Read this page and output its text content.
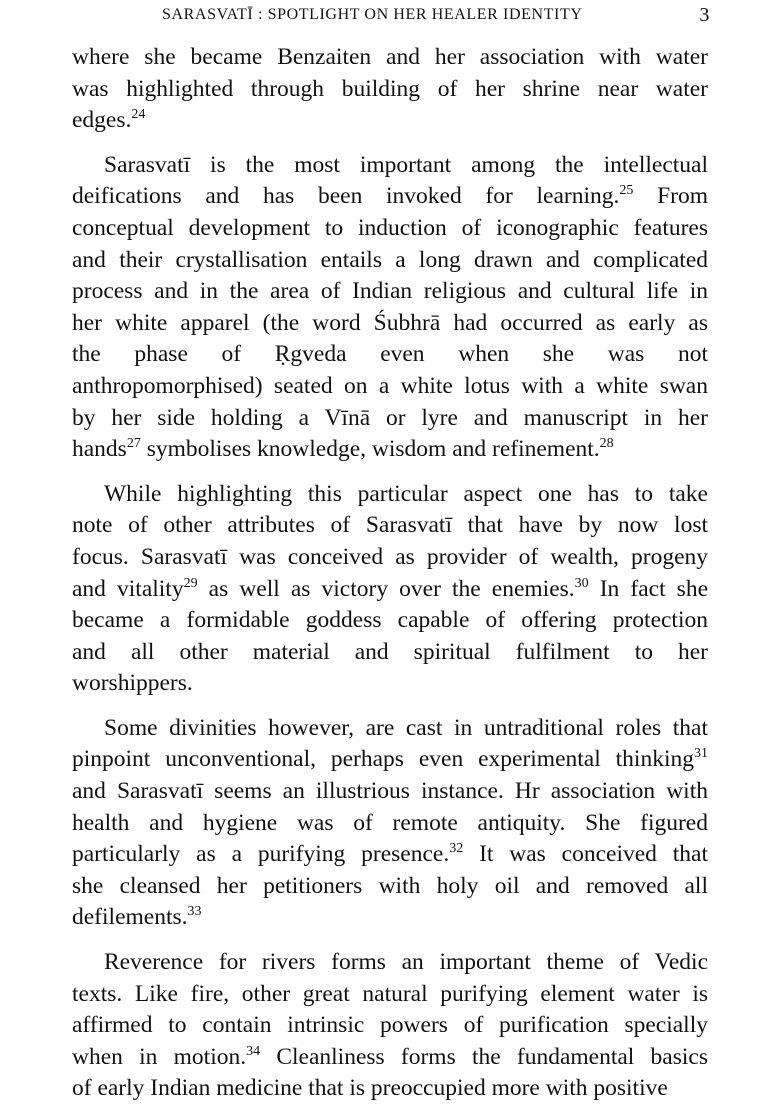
SARASVATĪ : SPOTLIGHT ON HER HEALER IDENTITY	3
where she became Benzaiten and her association with water
was highlighted through building of her shrine near water
edges.$^{24}$
Sarasvatī is the most important among the intellectual
deifications and has been invoked for learning.$^{25}$ From
conceptual development to induction of iconographic features
and their crystallisation entails a long drawn and complicated
process and in the area of Indian religious and cultural life in
her white apparel (the word Śubhrā had occurred as early as
the phase of Ṛgveda even when she was not
anthropomorphised) seated on a white lotus with a white swan
by her side holding a Vīnā or lyre and manuscript in her
hands$^{27}$ symbolises knowledge, wisdom and refinement.$^{28}$
While highlighting this particular aspect one has to take
note of other attributes of Sarasvatī that have by now lost
focus. Sarasvatī was conceived as provider of wealth, progeny
and vitality$^{29}$ as well as victory over the enemies.$^{30}$ In fact she
became a formidable goddess capable of offering protection
and all other material and spiritual fulfilment to her
worshippers.
Some divinities however, are cast in untraditional roles that
pinpoint unconventional, perhaps even experimental thinking$^{31}$
and Sarasvatī seems an illustrious instance. Hr association with
health and hygiene was of remote antiquity. She figured
particularly as a purifying presence.$^{32}$ It was conceived that
she cleansed her petitioners with holy oil and removed all
defilements.$^{33}$
Reverence for rivers forms an important theme of Vedic
texts. Like fire, other great natural purifying element water is
affirmed to contain intrinsic powers of purification specially
when in motion.$^{34}$ Cleanliness forms the fundamental basics
of early Indian medicine that is preoccupied more with positive
